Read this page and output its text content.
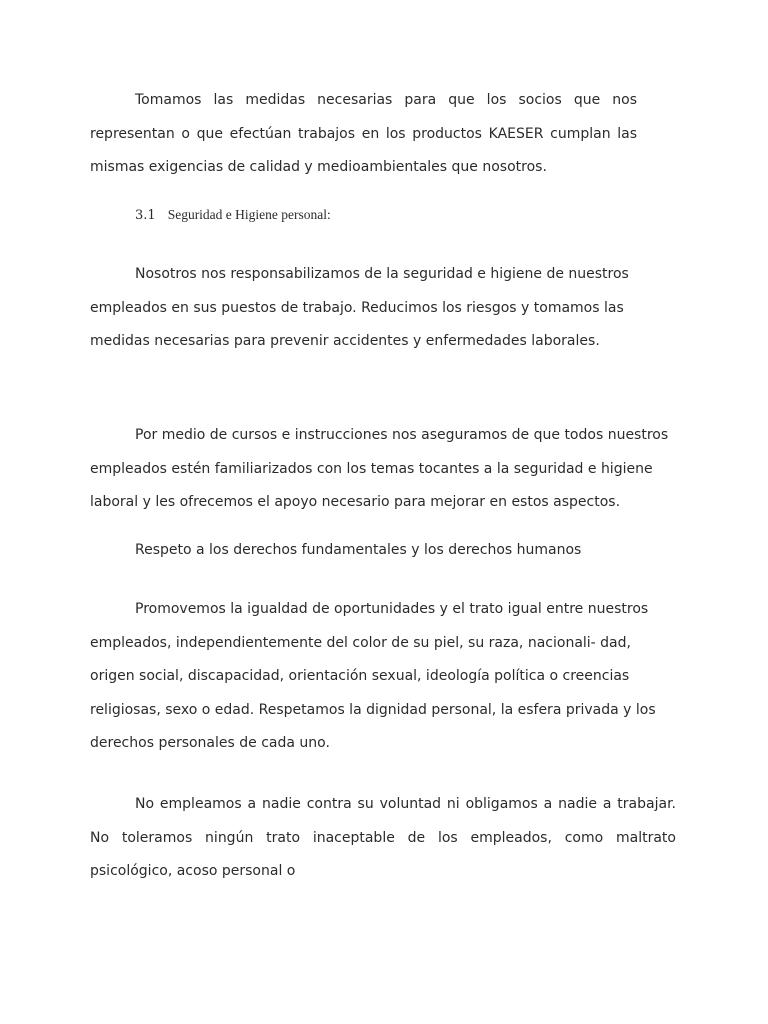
Tomamos las medidas necesarias para que los socios que nos representan o que efectúan trabajos en los productos KAESER cumplan las mismas exigencias de calidad y medioambientales que nosotros.

3.1 Seguridad e Higiene personal:

Nosotros nos responsabilizamos de la seguridad e higiene de nuestros empleados en sus puestos de trabajo. Reducimos los riesgos y tomamos las medidas necesarias para prevenir accidentes y enfermedades laborales.

Por medio de cursos e instrucciones nos aseguramos de que todos nuestros empleados estén familiarizados con los temas tocantes a la seguridad e higiene laboral y les ofrecemos el apoyo necesario para mejorar en estos aspectos.

Respeto a los derechos fundamentales y los derechos humanos

Promovemos la igualdad de oportunidades y el trato igual entre nuestros empleados, independientemente del color de su piel, su raza, nacionali- dad, origen social, discapacidad, orientación sexual, ideología política o creencias religiosas, sexo o edad. Respetamos la dignidad personal, la esfera privada y los derechos personales de cada uno.

No empleamos a nadie contra su voluntad ni obligamos a nadie a trabajar. No toleramos ningún trato inaceptable de los empleados, como maltrato psicológico, acoso personal o
